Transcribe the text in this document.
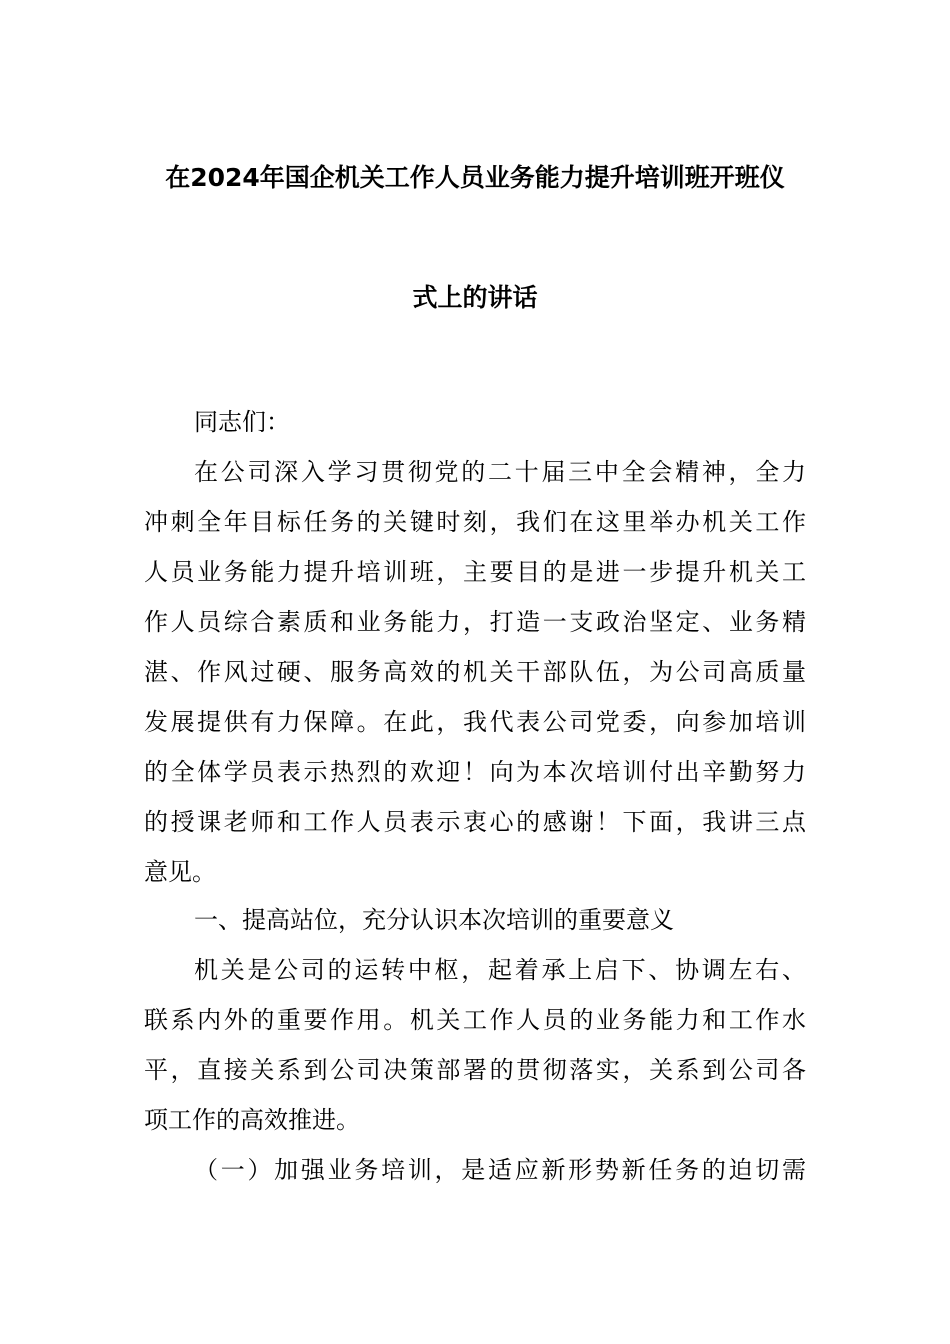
在2024年国企机关工作人员业务能力提升培训班开班仪
式上的讲话
同志们：
在公司深入学习贯彻党的二十届三中全会精神，全力
冲刺全年目标任务的关键时刻，我们在这里举办机关工作
人员业务能力提升培训班，主要目的是进一步提升机关工
作人员综合素质和业务能力，打造一支政治坚定、业务精
湛、作风过硬、服务高效的机关干部队伍，为公司高质量
发展提供有力保障。在此，我代表公司党委，向参加培训
的全体学员表示热烈的欢迎！向为本次培训付出辛勤努力
的授课老师和工作人员表示衷心的感谢！下面，我讲三点
意见。
一、提高站位，充分认识本次培训的重要意义
机关是公司的运转中枢，起着承上启下、协调左右、
联系内外的重要作用。机关工作人员的业务能力和工作水
平，直接关系到公司决策部署的贯彻落实，关系到公司各
项工作的高效推进。
（一）加强业务培训，是适应新形势新任务的迫切需
